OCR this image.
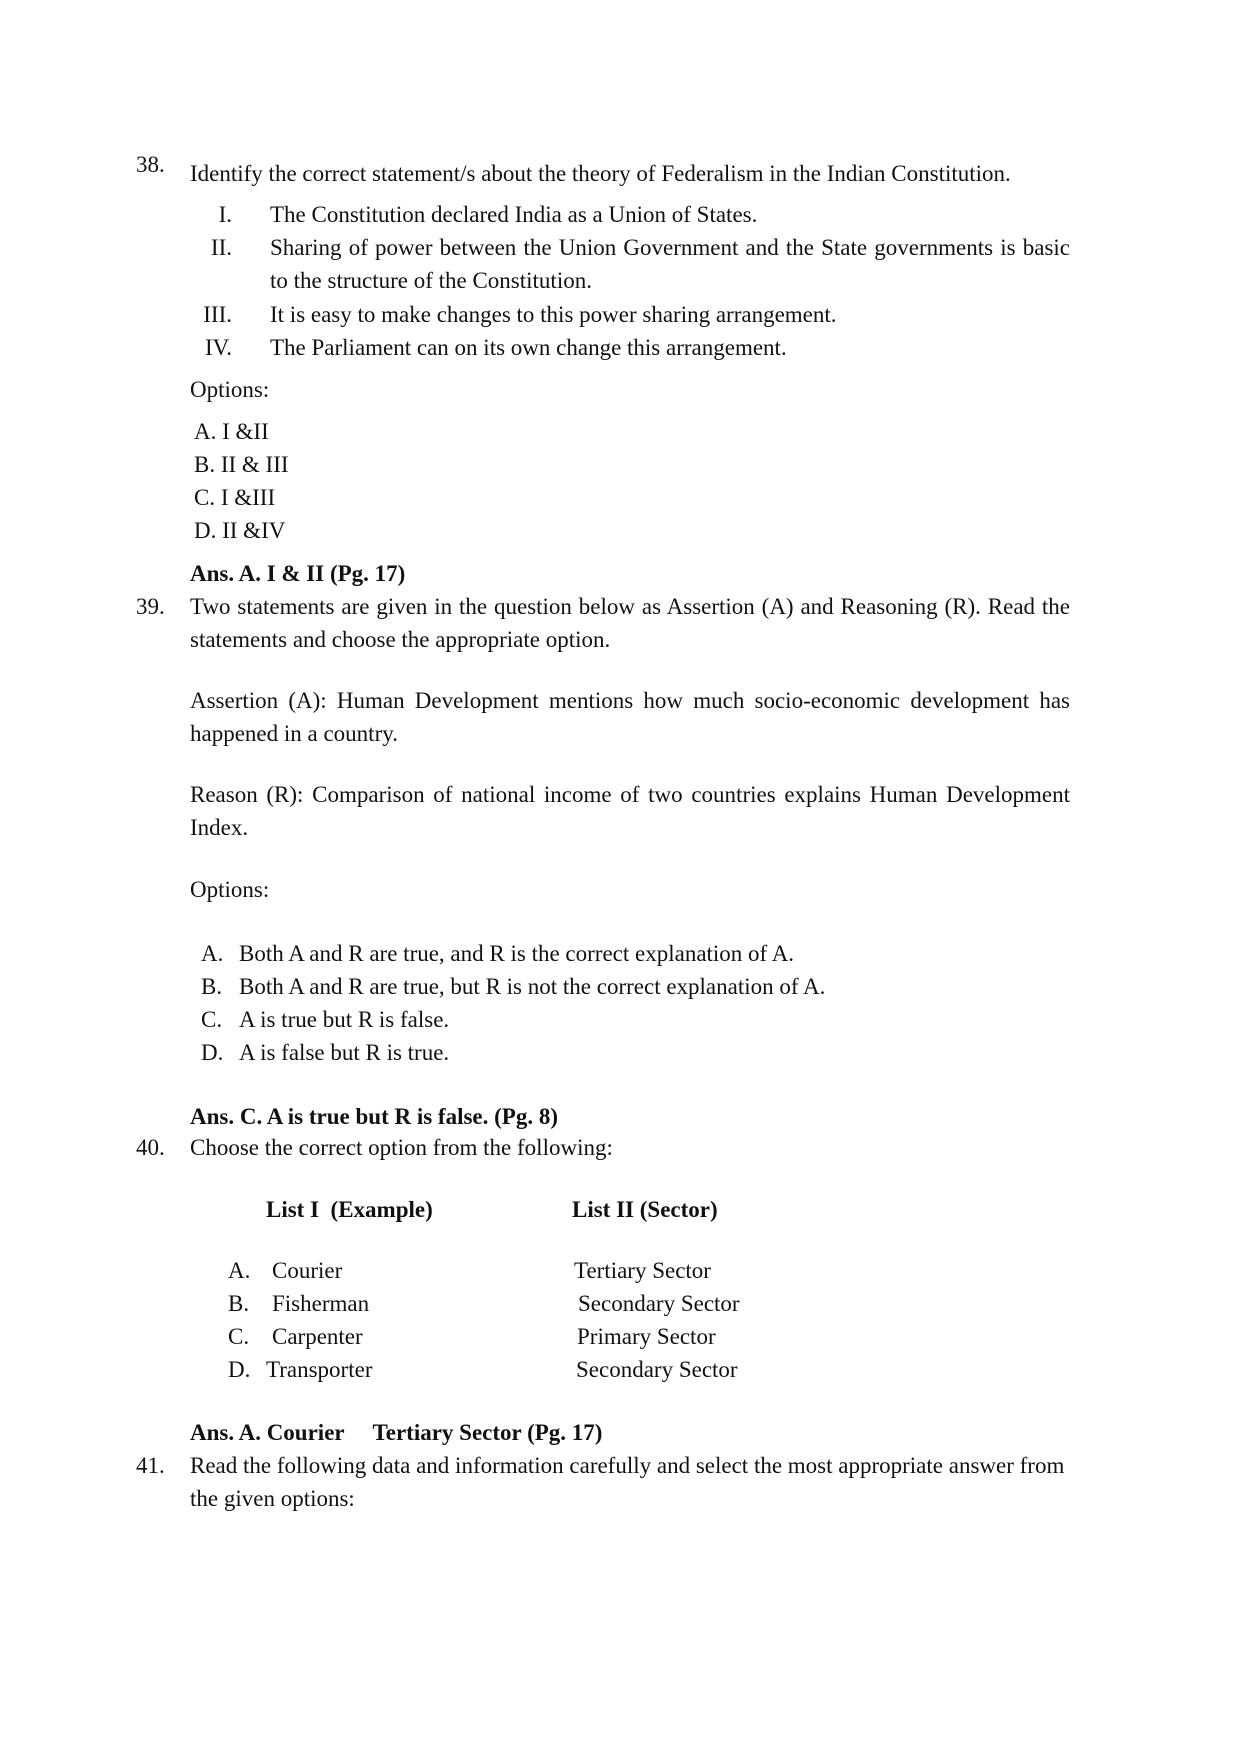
38. Identify the correct statement/s about the theory of Federalism in the Indian Constitution.
I. The Constitution declared India as a Union of States.
II. Sharing of power between the Union Government and the State governments is basic to the structure of the Constitution.
III. It is easy to make changes to this power sharing arrangement.
IV. The Parliament can on its own change this arrangement.
Options:
A. I &II
B. II & III
C. I &III
D. II &IV
Ans. A. I & II (Pg. 17)
39. Two statements are given in the question below as Assertion (A) and Reasoning (R). Read the statements and choose the appropriate option.
Assertion (A): Human Development mentions how much socio-economic development has happened in a country.
Reason (R): Comparison of national income of two countries explains Human Development Index.
Options:
A. Both A and R are true, and R is the correct explanation of A.
B. Both A and R are true, but R is not the correct explanation of A.
C. A is true but R is false.
D. A is false but R is true.
Ans. C. A is true but R is false. (Pg. 8)
40. Choose the correct option from the following:
List I  (Example)	List II (Sector)
A. Courier	Tertiary Sector
B. Fisherman	Secondary Sector
C. Carpenter	Primary Sector
D. Transporter	Secondary Sector
Ans. A. Courier     Tertiary Sector (Pg. 17)
41. Read the following data and information carefully and select the most appropriate answer from the given options:
